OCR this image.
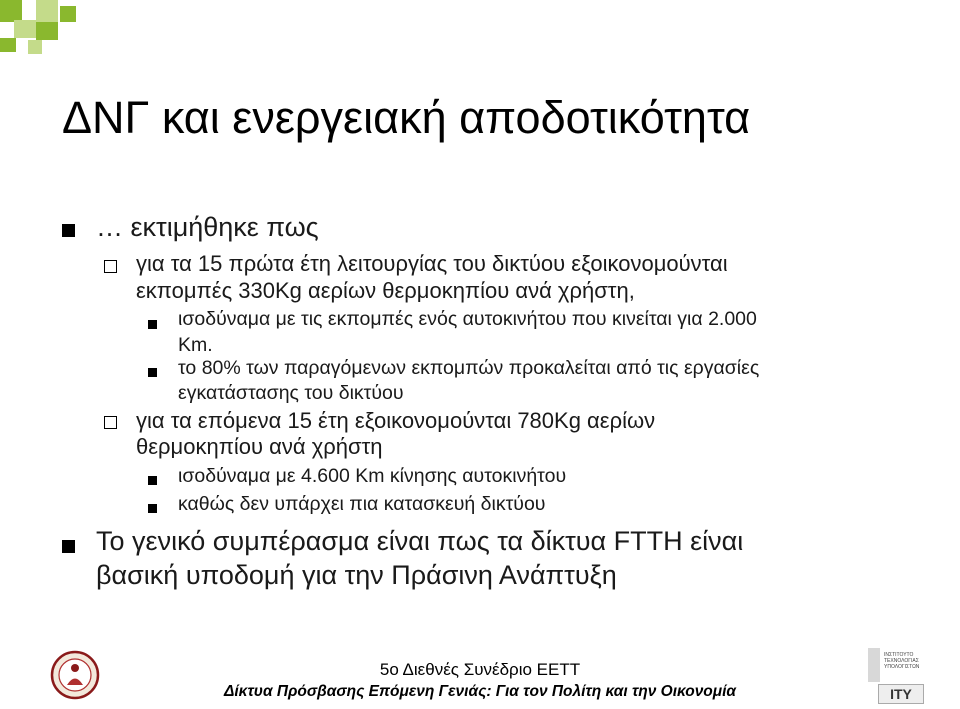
ΔΝΓ και ενεργειακή αποδοτικότητα
… εκτιμήθηκε πως
για τα 15 πρώτα έτη λειτουργίας του δικτύου εξοικονομούνται
εκπομπές 330Kg αερίων θερμοκηπίου ανά χρήστη,
ισοδύναμα με τις εκπομπές ενός αυτοκινήτου που κινείται για 2.000
Km.
το 80% των παραγόμενων εκπομπών προκαλείται από τις εργασίες
εγκατάστασης του δικτύου
για τα επόμενα 15 έτη εξοικονομούνται 780Kg αερίων
θερμοκηπίου ανά χρήστη
ισοδύναμα με 4.600 Km κίνησης αυτοκινήτου
καθώς δεν υπάρχει πια κατασκευή δικτύου
Το γενικό συμπέρασμα είναι πως τα δίκτυα FTTH είναι
βασική υποδομή για την Πράσινη Ανάπτυξη
5ο Διεθνές Συνέδριο ΕΕΤΤ
Δίκτυα Πρόσβασης Επόμενη Γενιάς: Για τον Πολίτη και την Οικονομία
ΙΝΣΤΙΤΟΥΤΟ ΤΕΧΝΟΛΟΓΙΑΣ ΥΠΟΛΟΓΙΣΤΩΝ
ITY
